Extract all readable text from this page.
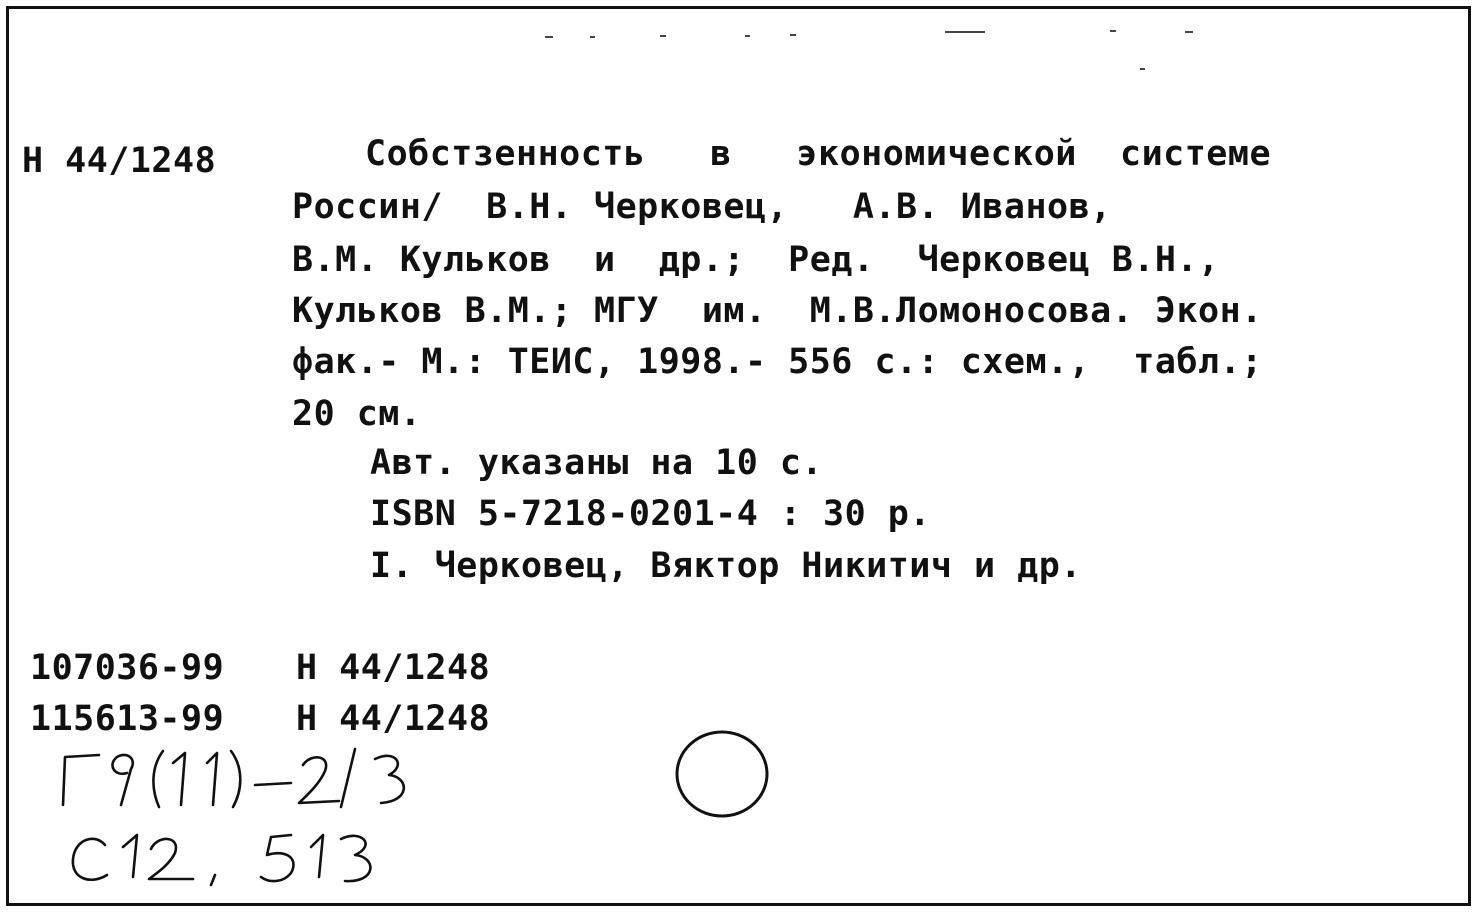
Н 44/1248	Собстзенность   в   экономической  системе
Россин/  В.Н. Черковец,   А.В. Иванов,
В.М. Кульков  и  др.;  Ред.  Черковец В.Н.,
Кульков В.М.; МГУ  им.  М.В.Ломоносова. Экон.
фак.- М.: ТЕИС, 1998.- 556 с.: схем.,  табл.;
20 см.
Авт. указаны на 10 с.
ISBN 5-7218-0201-4 : 30 р.
I. Черковец, Вяктор Никитич и др.
107036-99 Н 44/1248
115613-99 Н 44/1248
